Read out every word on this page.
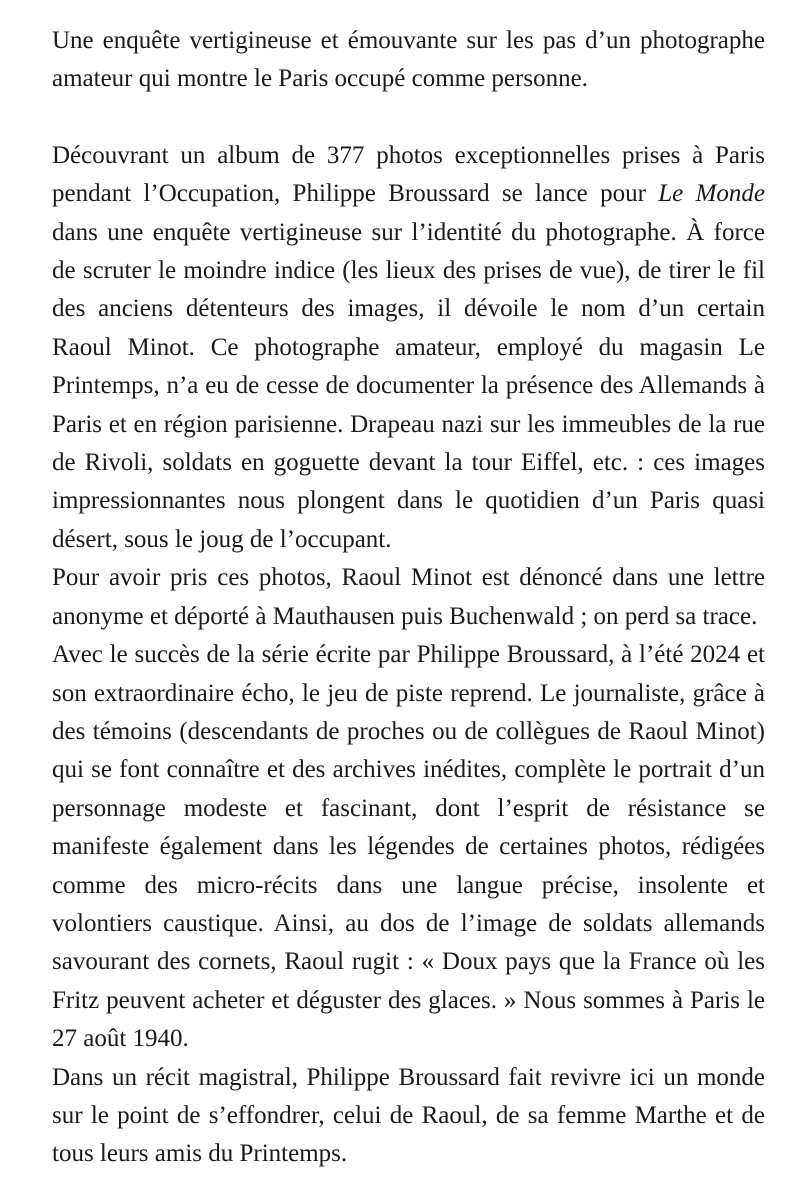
Une enquête vertigineuse et émouvante sur les pas d’un photographe amateur qui montre le Paris occupé comme personne.

Découvrant un album de 377 photos exceptionnelles prises à Paris pendant l’Occupation, Philippe Broussard se lance pour Le Monde dans une enquête vertigineuse sur l’identité du photographe. À force de scruter le moindre indice (les lieux des prises de vue), de tirer le fil des anciens détenteurs des images, il dévoile le nom d’un certain Raoul Minot. Ce photographe amateur, employé du magasin Le Printemps, n’a eu de cesse de documenter la présence des Allemands à Paris et en région parisienne. Drapeau nazi sur les immeubles de la rue de Rivoli, soldats en goguette devant la tour Eiffel, etc. : ces images impressionnantes nous plongent dans le quotidien d’un Paris quasi désert, sous le joug de l’occupant.

Pour avoir pris ces photos, Raoul Minot est dénoncé dans une lettre anonyme et déporté à Mauthausen puis Buchenwald ; on perd sa trace.

Avec le succès de la série écrite par Philippe Broussard, à l’été 2024 et son extraordinaire écho, le jeu de piste reprend. Le journaliste, grâce à des témoins (descendants de proches ou de collègues de Raoul Minot) qui se font connaître et des archives inédites, complète le portrait d’un personnage modeste et fascinant, dont l’esprit de résistance se manifeste également dans les légendes de certaines photos, rédigées comme des micro-récits dans une langue précise, insolente et volontiers caustique. Ainsi, au dos de l’image de soldats allemands savourant des cornets, Raoul rugit : « Doux pays que la France où les Fritz peuvent acheter et déguster des glaces. » Nous sommes à Paris le 27 août 1940.

Dans un récit magistral, Philippe Broussard fait revivre ici un monde sur le point de s’effondrer, celui de Raoul, de sa femme Marthe et de tous leurs amis du Printemps.
